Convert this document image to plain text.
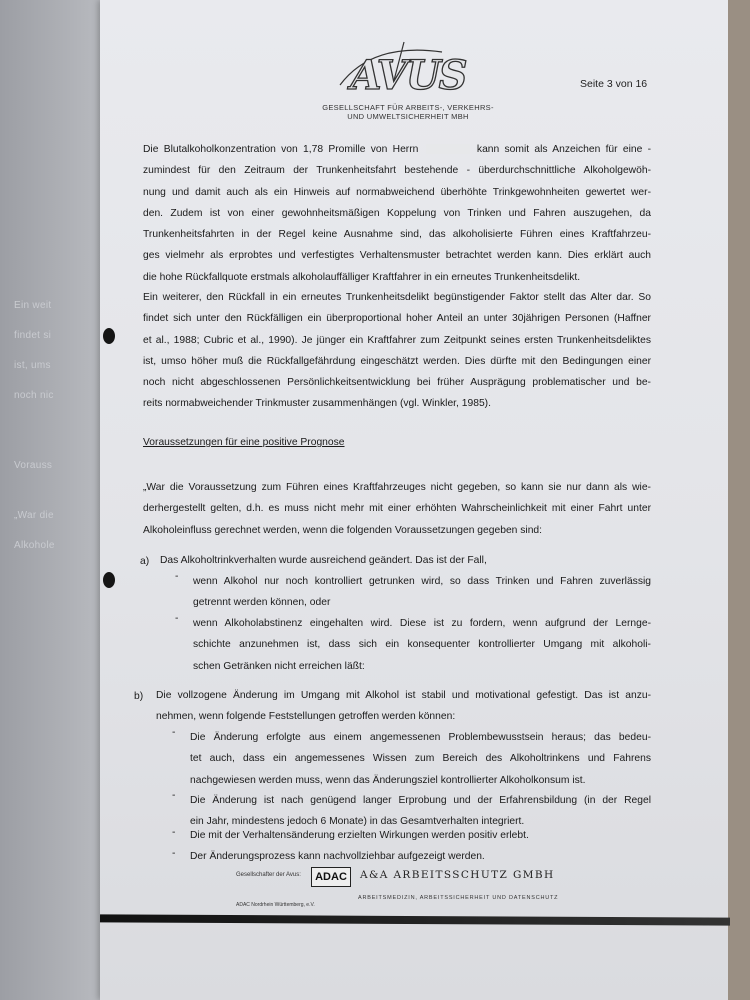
Ein weit
findet si
ist, ums
noch nic
Vorauss
„War die
Alkohole
AVUS
GESELLSCHAFT FÜR ARBEITS-, VERKEHRS-
UND UMWELTSICHERHEIT MBH
Seite 3 von 16
Die Blutalkoholkonzentration von 1,78 Promille von Herrn	kann somit als Anzeichen für eine -
zumindest für den Zeitraum der Trunkenheitsfahrt bestehende - überdurchschnittliche Alkoholgewöh-
nung und damit auch als ein Hinweis auf normabweichend überhöhte Trinkgewohnheiten gewertet wer-
den. Zudem ist von einer gewohnheitsmäßigen Koppelung von Trinken und Fahren auszugehen, da
Trunkenheitsfahrten in der Regel keine Ausnahme sind, das alkoholisierte Führen eines Kraftfahrzeu-
ges vielmehr als erprobtes und verfestigtes Verhaltensmuster betrachtet werden kann. Dies erklärt auch
die hohe Rückfallquote erstmals alkoholauffälliger Kraftfahrer in ein erneutes Trunkenheitsdelikt.
Ein weiterer, den Rückfall in ein erneutes Trunkenheitsdelikt begünstigender Faktor stellt das Alter dar. So
findet sich unter den Rückfälligen ein überproportional hoher Anteil an unter 30jährigen Personen (Haffner
et al., 1988; Cubric et al., 1990). Je jünger ein Kraftfahrer zum Zeitpunkt seines ersten Trunkenheitsdeliktes
ist, umso höher muß die Rückfallgefährdung eingeschätzt werden. Dies dürfte mit den Bedingungen einer
noch nicht abgeschlossenen Persönlichkeitsentwicklung bei früher Ausprägung problematischer und be-
reits normabweichender Trinkmuster zusammenhängen (vgl. Winkler, 1985).
Voraussetzungen für eine positive Prognose
„War die Voraussetzung zum Führen eines Kraftfahrzeuges nicht gegeben, so kann sie nur dann als wie-
derhergestellt gelten, d.h. es muss nicht mehr mit einer erhöhten Wahrscheinlichkeit mit einer Fahrt unter
Alkoholeinfluss gerechnet werden, wenn die folgenden Voraussetzungen gegeben sind:
a) Das Alkoholtrinkverhalten wurde ausreichend geändert. Das ist der Fall,
- wenn Alkohol nur noch kontrolliert getrunken wird, so dass Trinken und Fahren zuverlässig
getrennt werden können, oder
- wenn Alkoholabstinenz eingehalten wird. Diese ist zu fordern, wenn aufgrund der Lernge-
schichte anzunehmen ist, dass sich ein konsequenter kontrollierter Umgang mit alkoholi-
schen Getränken nicht erreichen läßt:
b) Die vollzogene Änderung im Umgang mit Alkohol ist stabil und motivational gefestigt. Das ist anzu-
nehmen, wenn folgende Feststellungen getroffen werden können:
- Die Änderung erfolgte aus einem angemessenen Problembewusstsein heraus; das bedeu-
tet auch, dass ein angemessenes Wissen zum Bereich des Alkoholtrinkens und Fahrens
nachgewiesen werden muss, wenn das Änderungsziel kontrollierter Alkoholkonsum ist.
- Die Änderung ist nach genügend langer Erprobung und der Erfahrensbildung (in der Regel
ein Jahr, mindestens jedoch 6 Monate) in das Gesamtverhalten integriert.
- Die mit der Verhaltensänderung erzielten Wirkungen werden positiv erlebt.
- Der Änderungsprozess kann nachvollziehbar aufgezeigt werden.
Gesellschafter der Avus:
ADAC Nordrhein Württemberg, e.V.
ADAC	A&A ARBEITSSCHUTZ GMBH
ARBEITSMEDIZIN, ARBEITSSICHERHEIT UND DATENSCHUTZ
